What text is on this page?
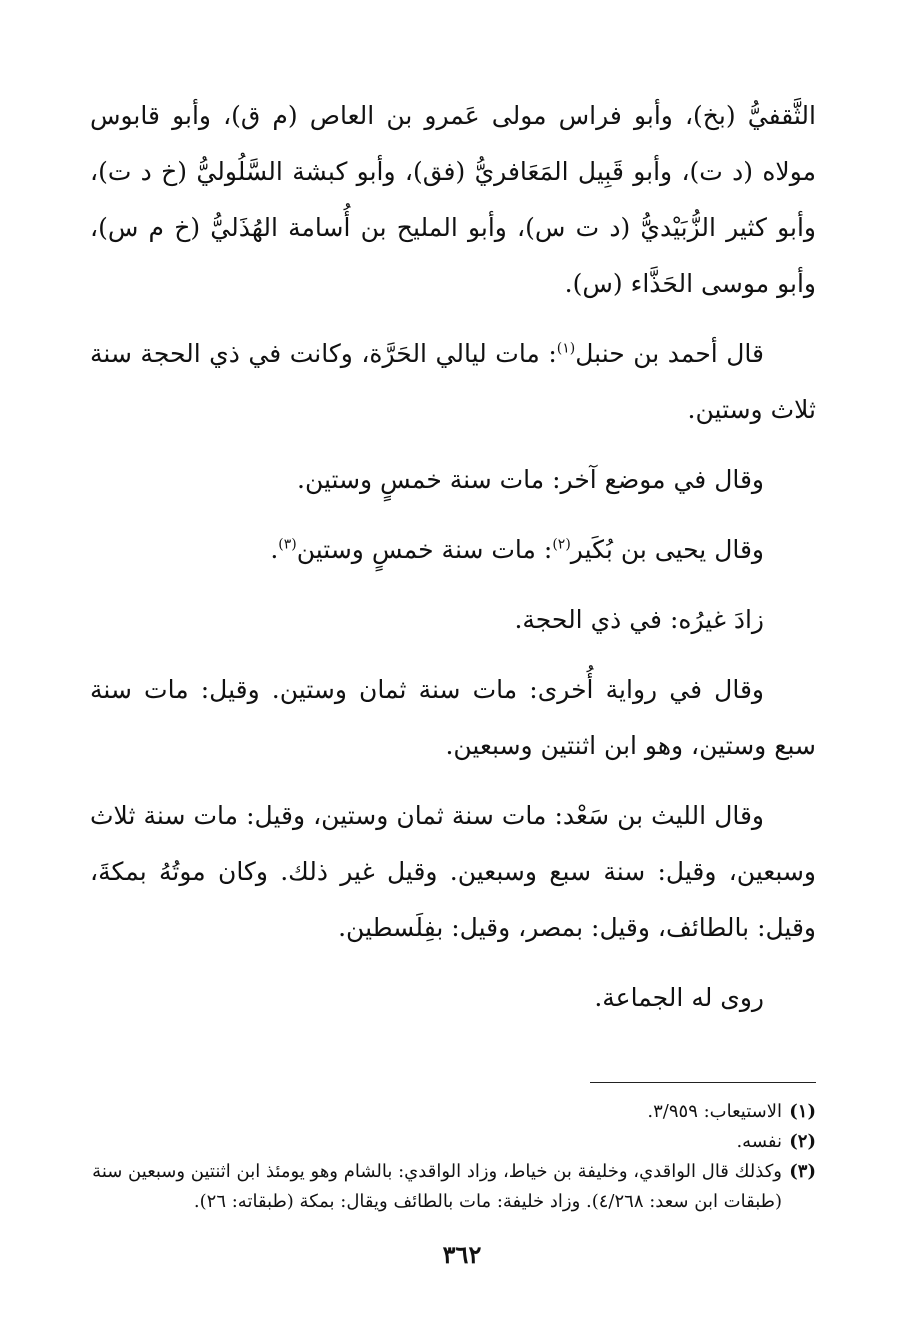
الثَّقفيُّ (بخ)، وأبو فراس مولى عَمرو بن العاص (م ق)، وأبو قابوس مولاه (د ت)، وأبو قَبِيل المَعَافريُّ (فق)، وأبو كبشة السَّلُوليُّ (خ د ت)، وأبو كثير الزُّبَيْديُّ (د ت س)، وأبو المليح بن أُسامة الهُذَليُّ (خ م س)، وأبو موسى الحَذَّاء (س).

قال أحمد بن حنبل$^{(١)}$: مات ليالي الحَرَّة، وكانت في ذي الحجة سنة ثلاث وستين.

وقال في موضع آخر: مات سنة خمسٍ وستين.

وقال يحيى بن بُكَير$^{(٢)}$: مات سنة خمسٍ وستين$^{(٣)}$.

زادَ غيرُه: في ذي الحجة.

وقال في رواية أُخرى: مات سنة ثمان وستين. وقيل: مات سنة سبع وستين، وهو ابن اثنتين وسبعين.

وقال الليث بن سَعْد: مات سنة ثمان وستين، وقيل: مات سنة ثلاث وسبعين، وقيل: سنة سبع وسبعين. وقيل غير ذلك. وكان موتُهُ بمكةَ، وقيل: بالطائف، وقيل: بمصر، وقيل: بفِلَسطين.

روى له الجماعة.

(١)
الاستيعاب: ٣/٩٥٩.
(٢)
نفسه.
(٣)
وكذلك قال الواقدي، وخليفة بن خياط، وزاد الواقدي: بالشام وهو يومئذ ابن اثنتين وسبعين سنة (طبقات ابن سعد: ٤/٢٦٨). وزاد خليفة: مات بالطائف ويقال: بمكة (طبقاته: ٢٦).
٣٦٢
